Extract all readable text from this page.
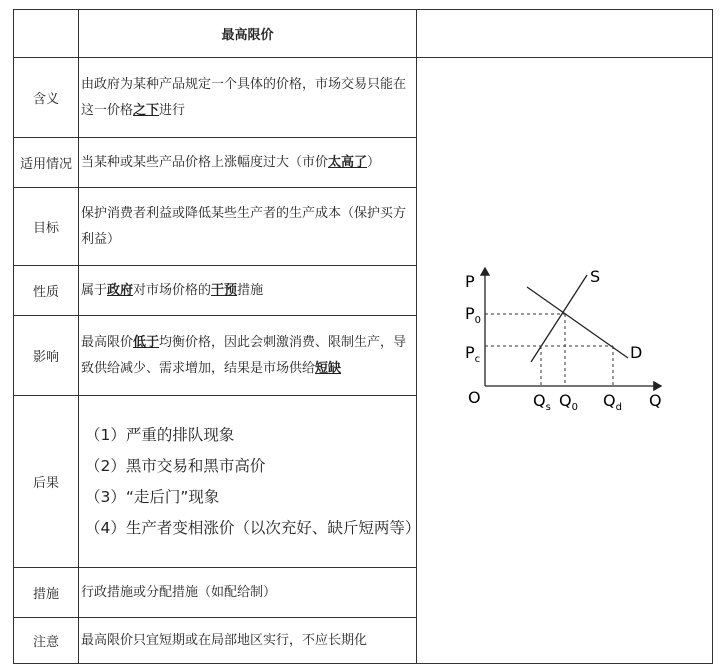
最高限价
含义
适用情况
目标
性质
影响
后果
措施
注意
由政府为某种产品规定一个具体的价格，市场交易只能在这一价格之下进行
当某种或某些产品价格上涨幅度过大（市价太高了）
保护消费者利益或降低某些生产者的生产成本（保护买方利益）
属于政府对市场价格的干预措施
最高限价低于均衡价格，因此会刺激消费、限制生产，导致供给减少、需求增加，结果是市场供给短缺
（1）严重的排队现象
（2）黑市交易和黑市高价
（3）“走后门”现象
（4）生产者变相涨价（以次充好、缺斤短两等）
行政措施或分配措施（如配给制）
最高限价只宜短期或在局部地区实行，不应长期化
P
Q
O
S
D
$P_0$
$P_c$
$Q_s$ $Q_0$ $Q_d$
